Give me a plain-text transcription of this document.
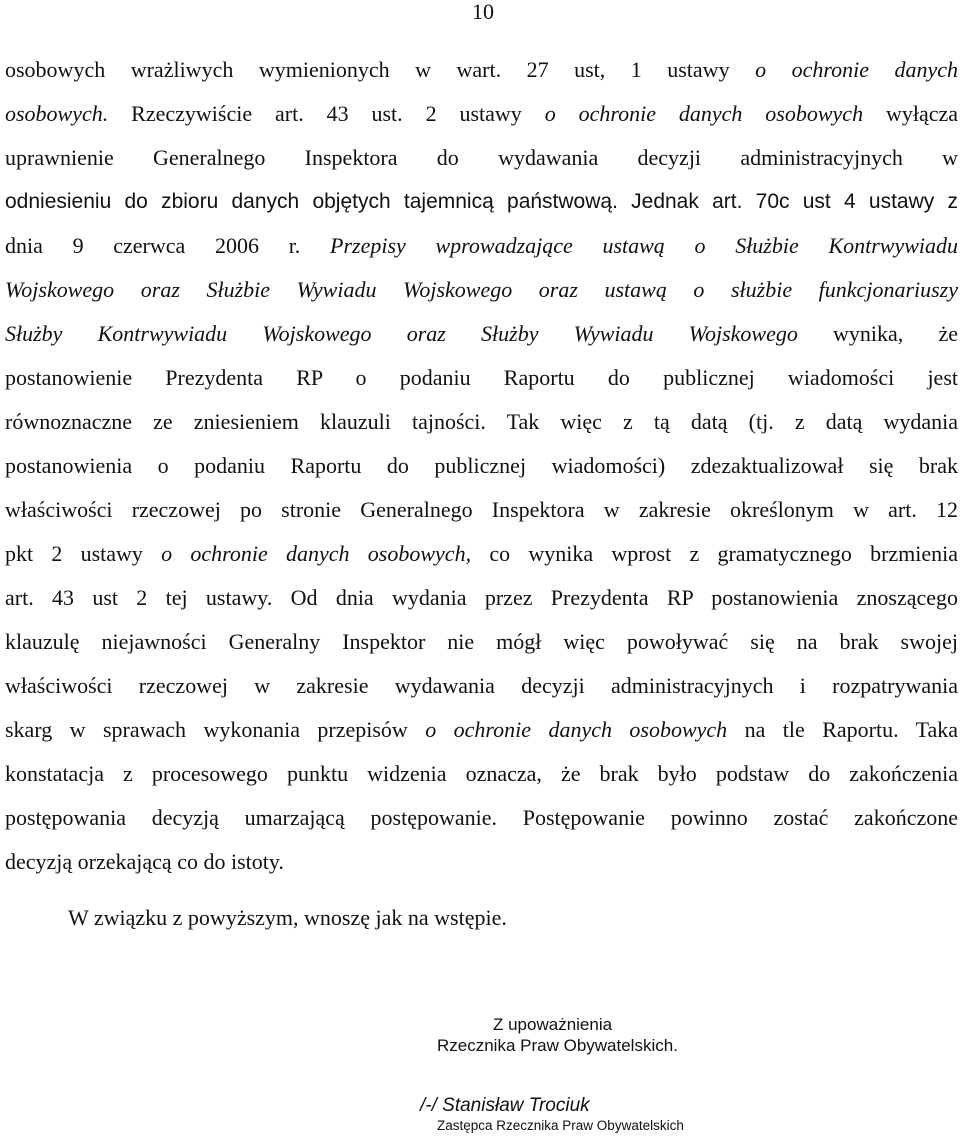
10
osobowych wrażliwych wymienionych w wart. 27 ust, 1 ustawy o ochronie danych
osobowych. Rzeczywiście art. 43 ust. 2 ustawy o ochronie danych osobowych wyłącza
uprawnienie Generalnego Inspektora do wydawania decyzji administracyjnych w
odniesieniu do zbioru danych objętych tajemnicą państwową. Jednak art. 70c ust 4 ustawy z
dnia 9 czerwca 2006 r. Przepisy wprowadzające ustawą o Służbie Kontrwywiadu
Wojskowego oraz Służbie Wywiadu Wojskowego oraz ustawą o służbie funkcjonariuszy
Służby Kontrwywiadu Wojskowego oraz Służby Wywiadu Wojskowego wynika, że
postanowienie Prezydenta RP o podaniu Raportu do publicznej wiadomości jest
równoznaczne ze zniesieniem klauzuli tajności. Tak więc z tą datą (tj. z datą wydania
postanowienia o podaniu Raportu do publicznej wiadomości) zdezaktualizował się brak
właściwości rzeczowej po stronie Generalnego Inspektora w zakresie określonym w art. 12
pkt 2 ustawy o ochronie danych osobowych, co wynika wprost z gramatycznego brzmienia
art. 43 ust 2 tej ustawy. Od dnia wydania przez Prezydenta RP postanowienia znoszącego
klauzulę niejawności Generalny Inspektor nie mógł więc powoływać się na brak swojej
właściwości rzeczowej w zakresie wydawania decyzji administracyjnych i rozpatrywania
skarg w sprawach wykonania przepisów o ochronie danych osobowych na tle Raportu. Taka
konstatacja z procesowego punktu widzenia oznacza, że brak było podstaw do zakończenia
postępowania decyzją umarzającą postępowanie. Postępowanie powinno zostać zakończone
decyzją orzekającą co do istoty.
W związku z powyższym, wnoszę jak na wstępie.
Z upoważnienia
Rzecznika Praw Obywatelskich.
/-/ Stanisław Trociuk
Zastępca Rzecznika Praw Obywatelskich
